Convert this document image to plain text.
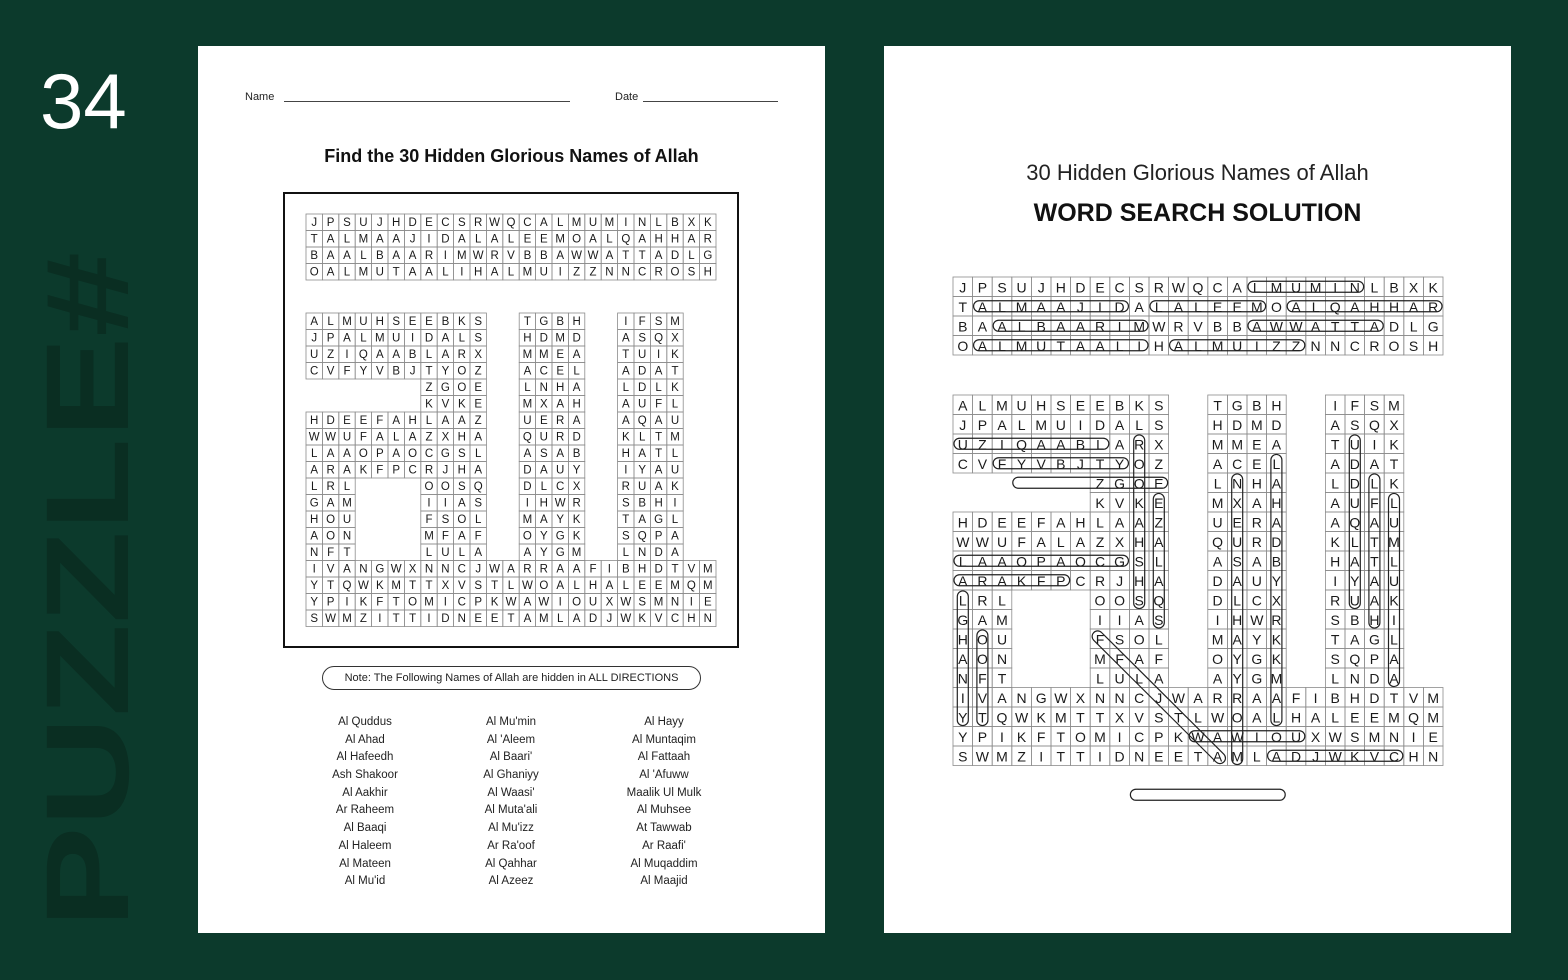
34
PUZZLE#
Name	Date
Find the 30 Hidden Glorious Names of Allah
J P S U J H D E C S R W Q C A L M U M I N L B X K
T A L M A A J I D A L A L E E M O A L Q A H H A R
B A A L B A A R I M W R V B B A W W A T T A D L G
O A L M U T A A L I H A L M U I Z Z N N C R O S H
A L M U H S E E B K S	T G B H	I F S M
J P A L M U I D A L S	H D M D	A S Q X
U Z I Q A A B L A R X	M M E A	T U I K
C V F Y V B J T Y O Z	A C E L	A D A T
Z G O E	L N H A	L D L K
K V K E	M X A H	A U F L
H D E E F A H L A A Z	U E R A	A Q A U
W W U F A L A Z X H A	Q U R D	K L T M
L A A O P A O C G S L	A S A B	H A T L
A R A K F P C R J H A	D A U Y	I Y A U
L R L	O O S Q	D L C X	R U A K
G A M	I I A S	I H W R	S B H I
H O U	F S O L	M A Y K	T A G L
A O N	M F A F	O Y G K	S Q P A
N F T	L U L A	A Y G M	L N D A
I V A N G W X N N C J W A R R A A F I B H D T V M
Y T Q W K M T T X V S T L W O A L H A L E E M Q M
Y P I K F T O M I C P K W A W I O U X W S M N I E
S W M Z I T T I D N E E T A M L A D J W K V C H N
Note: The Following Names of Allah are hidden in ALL DIRECTIONS
Al Quddus
Al Ahad
Al Hafeedh
Ash Shakoor
Al Aakhir
Ar Raheem
Al Baaqi
Al Haleem
Al Mateen
Al Mu'id
Al Mu'min
Al 'Aleem
Al Baari'
Al Ghaniyy
Al Waasi'
Al Muta'ali
Al Mu'izz
Ar Ra'oof
Al Qahhar
Al Azeez
Al Hayy
Al Muntaqim
Al Fattaah
Al 'Afuww
Maalik Ul Mulk
Al Muhsee
At Tawwab
Ar Raafi'
Al Muqaddim
Al Maajid
30 Hidden Glorious Names of Allah
WORD SEARCH SOLUTION
J P S U J H D E C S R W Q C A L M U M I N L B X K
T A L M A A J I D A L A L E E M O A L Q A H H A R
B A A L B A A R I M W R V B B A W W A T T A D L G
O A L M U T A A L I H A L M U I Z Z N N C R O S H
A L M U H S E E B K S	T G B H	I F S M
J P A L M U I D A L S	H D M D	A S Q X
U Z I Q A A B L A R X	M M E A	T U I K
C V F Y V B J T Y O Z	A C E L	A D A T
Z G O E	L N H A	L D L K
K V K E	M X A H	A U F L
H D E E F A H L A A Z	U E R A	A Q A U
W W U F A L A Z X H A	Q U R D	K L T M
L A A O P A O C G S L	A S A B	H A T L
A R A K F P C R J H A	D A U Y	I Y A U
L R L	O O S Q	D L C X	R U A K
G A M	I I A S	I H W R	S B H I
H O U	F S O L	M A Y K	T A G L
A O N	M F A F	O Y G K	S Q P A
N F T	L U L A	A Y G M	L N D A
I V A N G W X N N C J W A R R A A F I B H D T V M
Y T Q W K M T T X V S T L W O A L H A L E E M Q M
Y P I K F T O M I C P K W A W I O U X W S M N I E
S W M Z I T T I D N E E T A M L A D J W K V C H N
